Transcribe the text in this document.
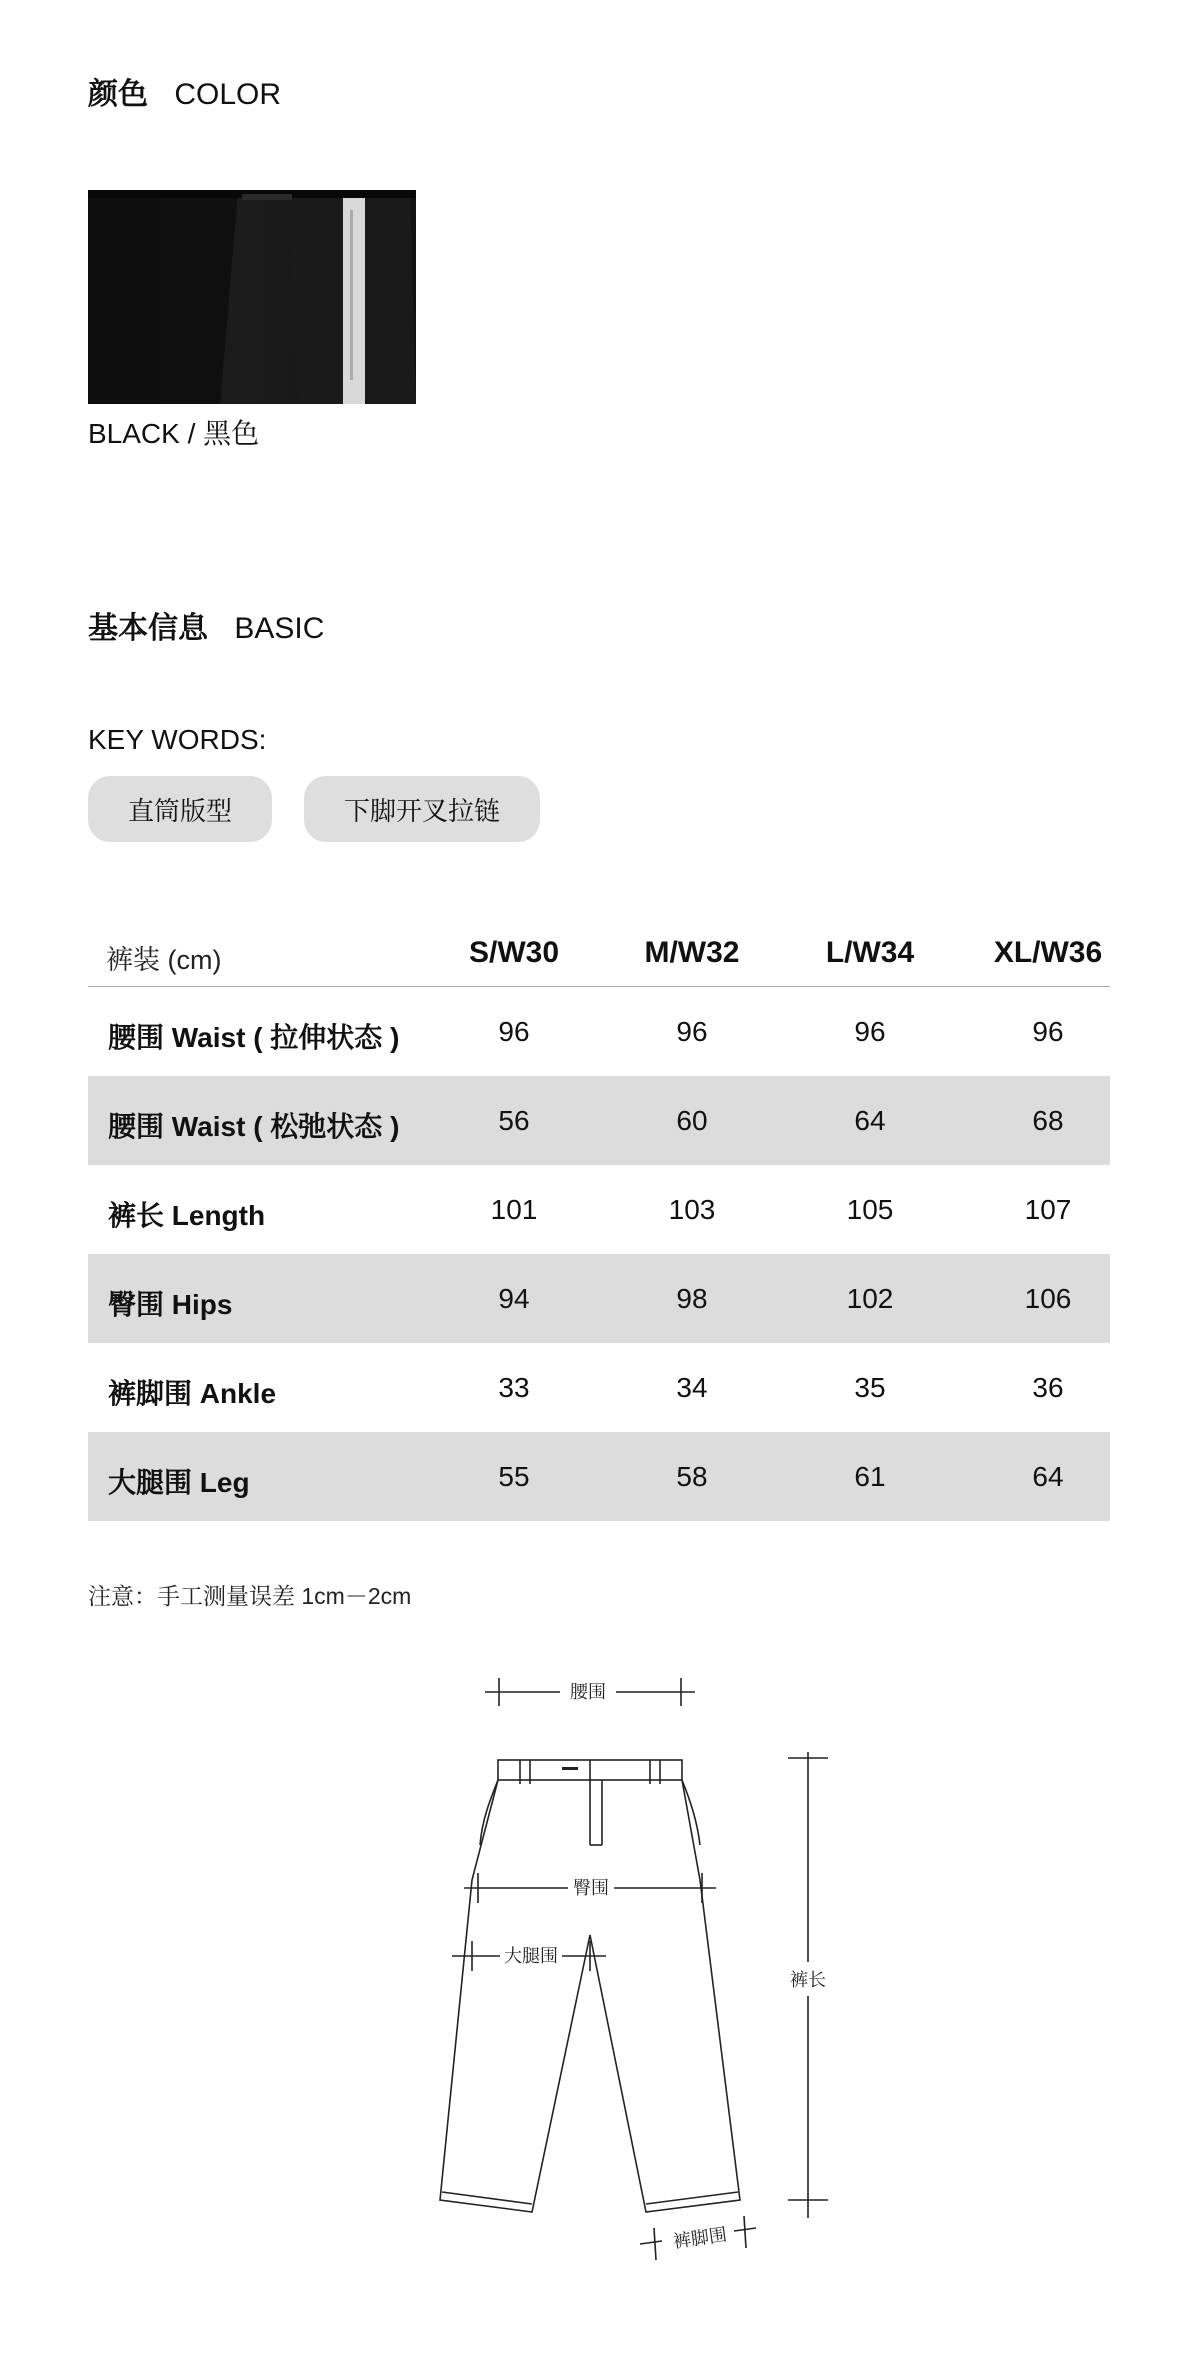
颜色 COLOR
BLACK / 黑色
基本信息 BASIC
KEY WORDS:
直筒版型	下脚开叉拉链
裤装 (cm)	S/W30	M/W32	L/W34	XL/W36
腰围 Waist ( 拉伸状态 )	96	96	96	96
腰围 Waist ( 松弛状态 )	56	60	64	68
裤长 Length	101	103	105	107
臀围 Hips	94	98	102	106
裤脚围 Ankle	33	34	35	36
大腿围 Leg	55	58	61	64
注意：手工测量误差 1cm－2cm
腰围
臀围
大腿围
裤长
裤脚围
